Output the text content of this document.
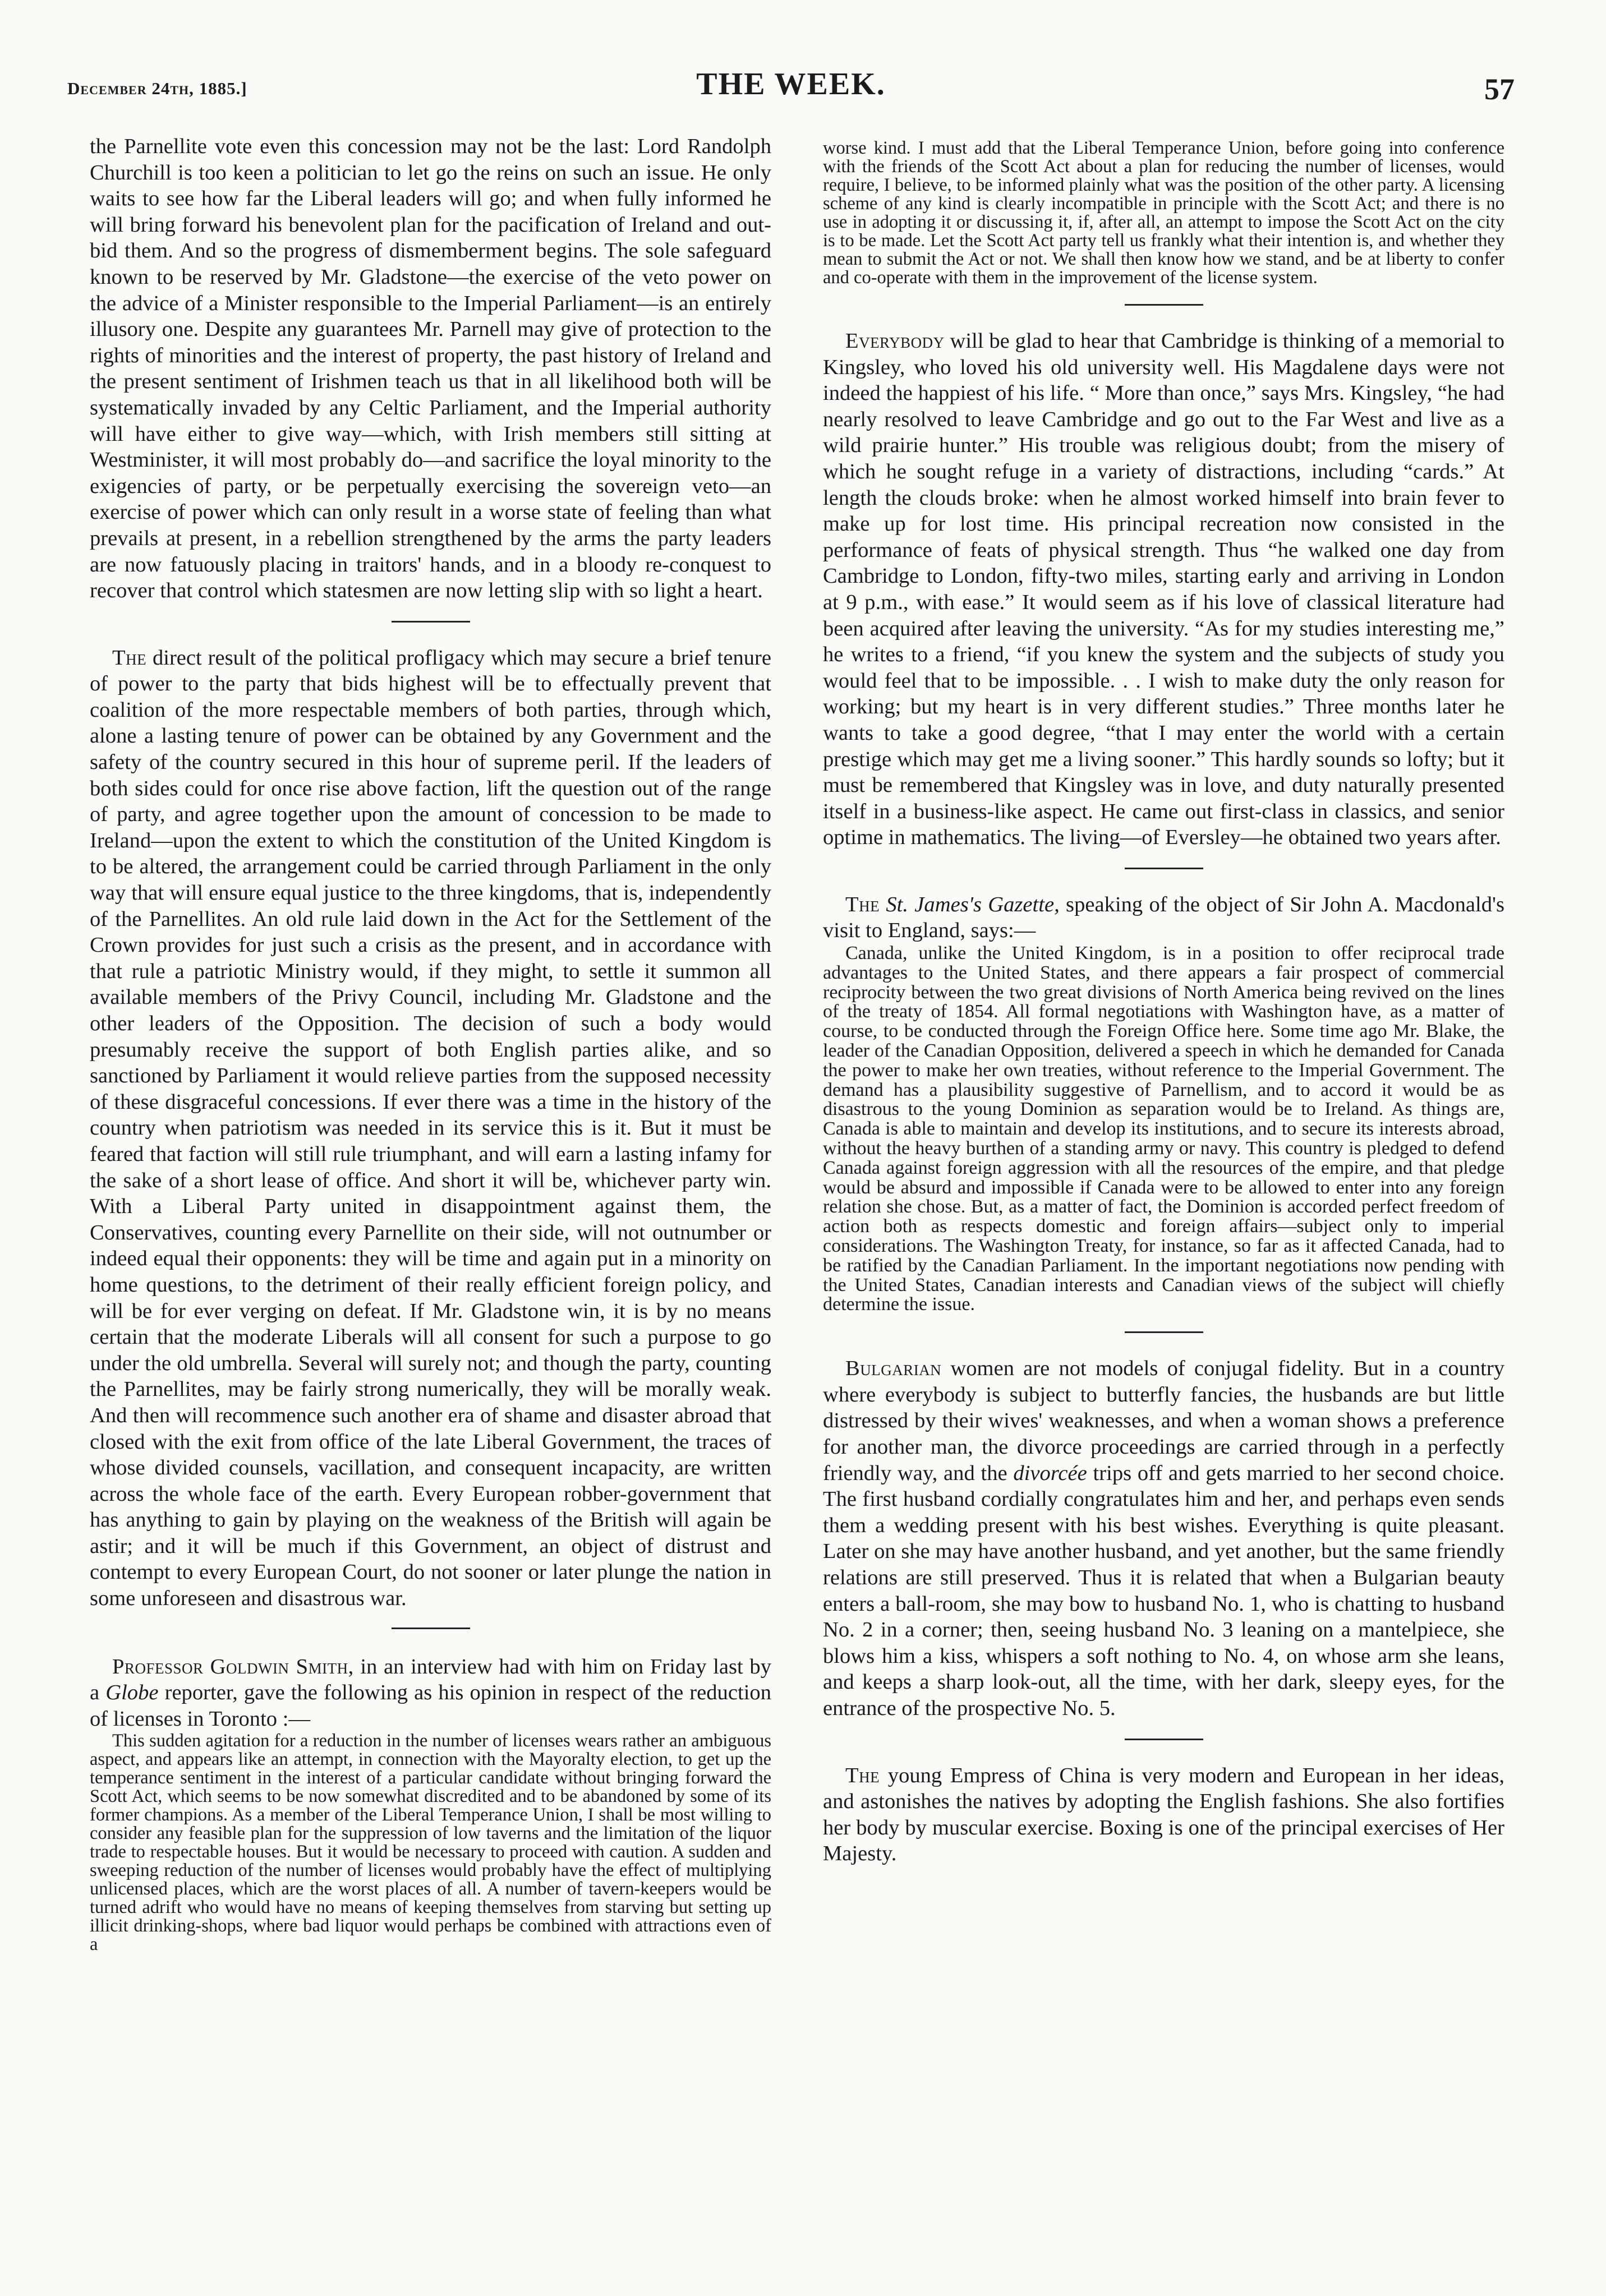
December 24th, 1885.]	THE WEEK.	57

the Parnellite vote even this concession may not be the last: Lord Randolph Churchill is too keen a politician to let go the reins on such an issue. He only waits to see how far the Liberal leaders will go; and when fully informed he will bring forward his benevolent plan for the pacification of Ireland and out-bid them. And so the progress of dismemberment begins. The sole safeguard known to be reserved by Mr. Gladstone—the exercise of the veto power on the advice of a Minister responsible to the Imperial Parliament—is an entirely illusory one. Despite any guarantees Mr. Parnell may give of protection to the rights of minorities and the interest of property, the past history of Ireland and the present sentiment of Irishmen teach us that in all likelihood both will be systematically invaded by any Celtic Parliament, and the Imperial authority will have either to give way—which, with Irish members still sitting at Westminister, it will most probably do—and sacrifice the loyal minority to the exigencies of party, or be perpetually exercising the sovereign veto—an exercise of power which can only result in a worse state of feeling than what prevails at present, in a rebellion strengthened by the arms the party leaders are now fatuously placing in traitors' hands, and in a bloody re-conquest to recover that control which statesmen are now letting slip with so light a heart.

The direct result of the political profligacy which may secure a brief tenure of power to the party that bids highest will be to effectually prevent that coalition of the more respectable members of both parties, through which, alone a lasting tenure of power can be obtained by any Government and the safety of the country secured in this hour of supreme peril. If the leaders of both sides could for once rise above faction, lift the question out of the range of party, and agree together upon the amount of concession to be made to Ireland—upon the extent to which the constitution of the United Kingdom is to be altered, the arrangement could be carried through Parliament in the only way that will ensure equal justice to the three kingdoms, that is, independently of the Parnellites. An old rule laid down in the Act for the Settlement of the Crown provides for just such a crisis as the present, and in accordance with that rule a patriotic Ministry would, if they might, to settle it summon all available members of the Privy Council, including Mr. Gladstone and the other leaders of the Opposition. The decision of such a body would presumably receive the support of both English parties alike, and so sanctioned by Parliament it would relieve parties from the supposed necessity of these disgraceful concessions. If ever there was a time in the history of the country when patriotism was needed in its service this is it. But it must be feared that faction will still rule triumphant, and will earn a lasting infamy for the sake of a short lease of office. And short it will be, whichever party win. With a Liberal Party united in disappointment against them, the Conservatives, counting every Parnellite on their side, will not outnumber or indeed equal their opponents: they will be time and again put in a minority on home questions, to the detriment of their really efficient foreign policy, and will be for ever verging on defeat. If Mr. Gladstone win, it is by no means certain that the moderate Liberals will all consent for such a purpose to go under the old umbrella. Several will surely not; and though the party, counting the Parnellites, may be fairly strong numerically, they will be morally weak. And then will recommence such another era of shame and disaster abroad that closed with the exit from office of the late Liberal Government, the traces of whose divided counsels, vacillation, and consequent incapacity, are written across the whole face of the earth. Every European robber-government that has anything to gain by playing on the weakness of the British will again be astir; and it will be much if this Government, an object of distrust and contempt to every European Court, do not sooner or later plunge the nation in some unforeseen and disastrous war.

Professor Goldwin Smith, in an interview had with him on Friday last by a Globe reporter, gave the following as his opinion in respect of the reduction of licenses in Toronto :—

This sudden agitation for a reduction in the number of licenses wears rather an ambiguous aspect, and appears like an attempt, in connection with the Mayoralty election, to get up the temperance sentiment in the interest of a particular candidate without bringing forward the Scott Act, which seems to be now somewhat discredited and to be abandoned by some of its former champions. As a member of the Liberal Temperance Union, I shall be most willing to consider any feasible plan for the suppression of low taverns and the limitation of the liquor trade to respectable houses. But it would be necessary to proceed with caution. A sudden and sweeping reduction of the number of licenses would probably have the effect of multiplying unlicensed places, which are the worst places of all. A number of tavern-keepers would be turned adrift who would have no means of keeping themselves from starving but setting up illicit drinking-shops, where bad liquor would perhaps be combined with attractions even of a

worse kind. I must add that the Liberal Temperance Union, before going into conference with the friends of the Scott Act about a plan for reducing the number of licenses, would require, I believe, to be informed plainly what was the position of the other party. A licensing scheme of any kind is clearly incompatible in principle with the Scott Act; and there is no use in adopting it or discussing it, if, after all, an attempt to impose the Scott Act on the city is to be made. Let the Scott Act party tell us frankly what their intention is, and whether they mean to submit the Act or not. We shall then know how we stand, and be at liberty to confer and co-operate with them in the improvement of the license system.

Everybody will be glad to hear that Cambridge is thinking of a memorial to Kingsley, who loved his old university well. His Magdalene days were not indeed the happiest of his life. “ More than once,” says Mrs. Kingsley, “he had nearly resolved to leave Cambridge and go out to the Far West and live as a wild prairie hunter.” His trouble was religious doubt; from the misery of which he sought refuge in a variety of distractions, including “cards.” At length the clouds broke: when he almost worked himself into brain fever to make up for lost time. His principal recreation now consisted in the performance of feats of physical strength. Thus “he walked one day from Cambridge to London, fifty-two miles, starting early and arriving in London at 9 p.m., with ease.” It would seem as if his love of classical literature had been acquired after leaving the university. “As for my studies interesting me,” he writes to a friend, “if you knew the system and the subjects of study you would feel that to be impossible. . . I wish to make duty the only reason for working; but my heart is in very different studies.” Three months later he wants to take a good degree, “that I may enter the world with a certain prestige which may get me a living sooner.” This hardly sounds so lofty; but it must be remembered that Kingsley was in love, and duty naturally presented itself in a business-like aspect. He came out first-class in classics, and senior optime in mathematics. The living—of Eversley—he obtained two years after.

The St. James's Gazette, speaking of the object of Sir John A. Macdonald's visit to England, says:—

Canada, unlike the United Kingdom, is in a position to offer reciprocal trade advantages to the United States, and there appears a fair prospect of commercial reciprocity between the two great divisions of North America being revived on the lines of the treaty of 1854. All formal negotiations with Washington have, as a matter of course, to be conducted through the Foreign Office here. Some time ago Mr. Blake, the leader of the Canadian Opposition, delivered a speech in which he demanded for Canada the power to make her own treaties, without reference to the Imperial Government. The demand has a plausibility suggestive of Parnellism, and to accord it would be as disastrous to the young Dominion as separation would be to Ireland. As things are, Canada is able to maintain and develop its institutions, and to secure its interests abroad, without the heavy burthen of a standing army or navy. This country is pledged to defend Canada against foreign aggression with all the resources of the empire, and that pledge would be absurd and impossible if Canada were to be allowed to enter into any foreign relation she chose. But, as a matter of fact, the Dominion is accorded perfect freedom of action both as respects domestic and foreign affairs—subject only to imperial considerations. The Washington Treaty, for instance, so far as it affected Canada, had to be ratified by the Canadian Parliament. In the important negotiations now pending with the United States, Canadian interests and Canadian views of the subject will chiefly determine the issue.

Bulgarian women are not models of conjugal fidelity. But in a country where everybody is subject to butterfly fancies, the husbands are but little distressed by their wives' weaknesses, and when a woman shows a preference for another man, the divorce proceedings are carried through in a perfectly friendly way, and the divorcée trips off and gets married to her second choice. The first husband cordially congratulates him and her, and perhaps even sends them a wedding present with his best wishes. Everything is quite pleasant. Later on she may have another husband, and yet another, but the same friendly relations are still preserved. Thus it is related that when a Bulgarian beauty enters a ball-room, she may bow to husband No. 1, who is chatting to husband No. 2 in a corner; then, seeing husband No. 3 leaning on a mantelpiece, she blows him a kiss, whispers a soft nothing to No. 4, on whose arm she leans, and keeps a sharp look-out, all the time, with her dark, sleepy eyes, for the entrance of the prospective No. 5.

The young Empress of China is very modern and European in her ideas, and astonishes the natives by adopting the English fashions. She also fortifies her body by muscular exercise. Boxing is one of the principal exercises of Her Majesty.
